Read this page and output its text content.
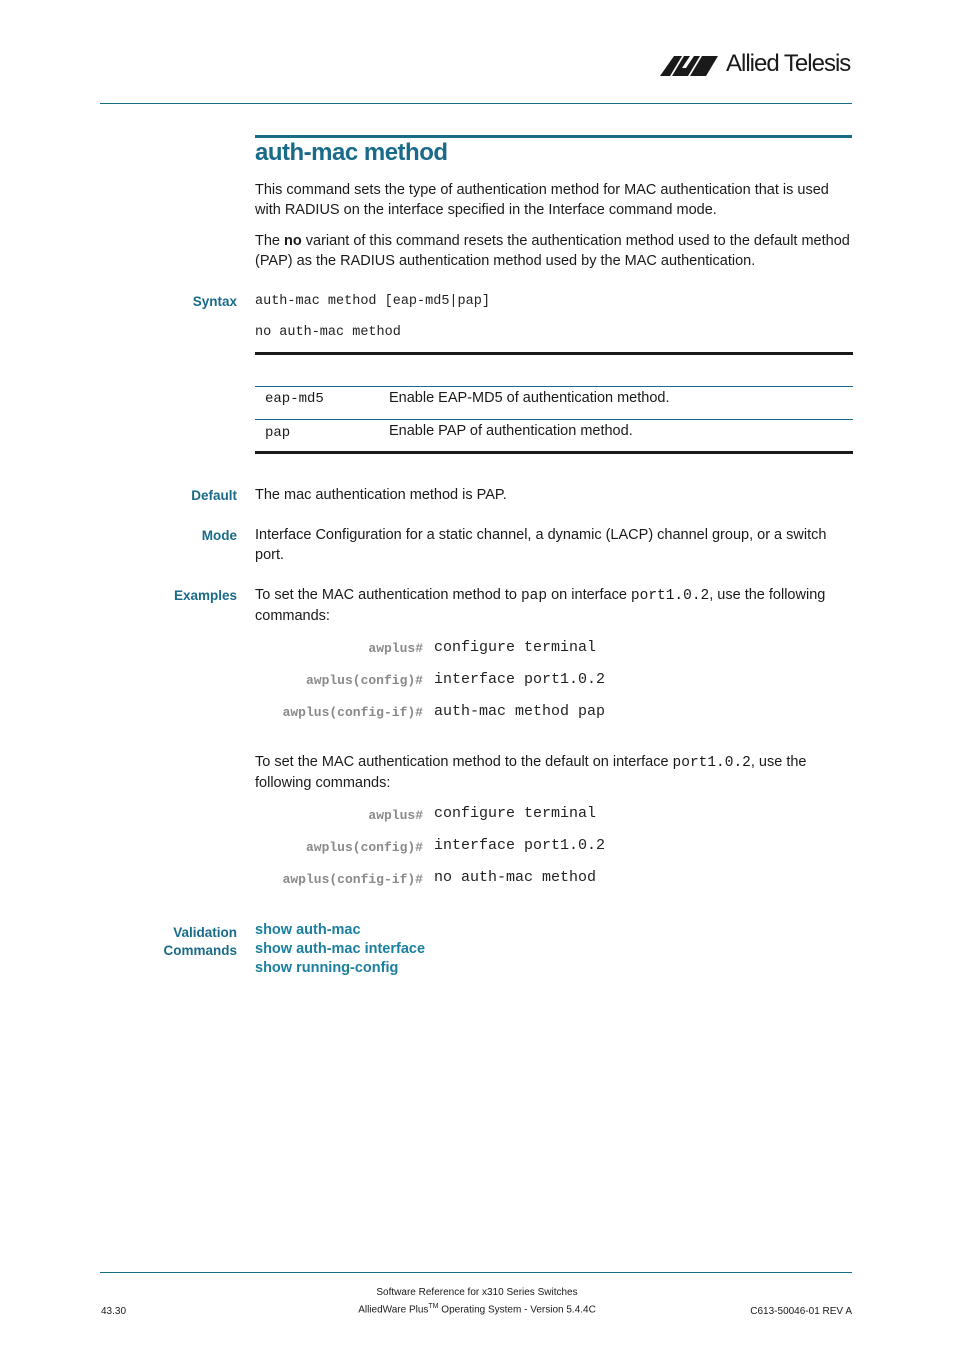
Allied Telesis
auth-mac method
This command sets the type of authentication method for MAC authentication that is used with RADIUS on the interface specified in the Interface command mode.
The no variant of this command resets the authentication method used to the default method (PAP) as the RADIUS authentication method used by the MAC authentication.
Syntax auth-mac method [eap-md5|pap]
no auth-mac method
eap-md5	Enable EAP-MD5 of authentication method.
pap	Enable PAP of authentication method.
Default The mac authentication method is PAP.
Mode Interface Configuration for a static channel, a dynamic (LACP) channel group, or a switch port.
Examples To set the MAC authentication method to pap on interface port1.0.2, use the following commands:
awplus# configure terminal
awplus(config)# interface port1.0.2
awplus(config-if)# auth-mac method pap
To set the MAC authentication method to the default on interface port1.0.2, use the following commands:
awplus# configure terminal
awplus(config)# interface port1.0.2
awplus(config-if)# no auth-mac method
Validation
Commands
show auth-mac
show auth-mac interface
show running-config
Software Reference for x310 Series Switches
AlliedWare Plus™ Operating System - Version 5.4.4C
43.30	C613-50046-01 REV A
